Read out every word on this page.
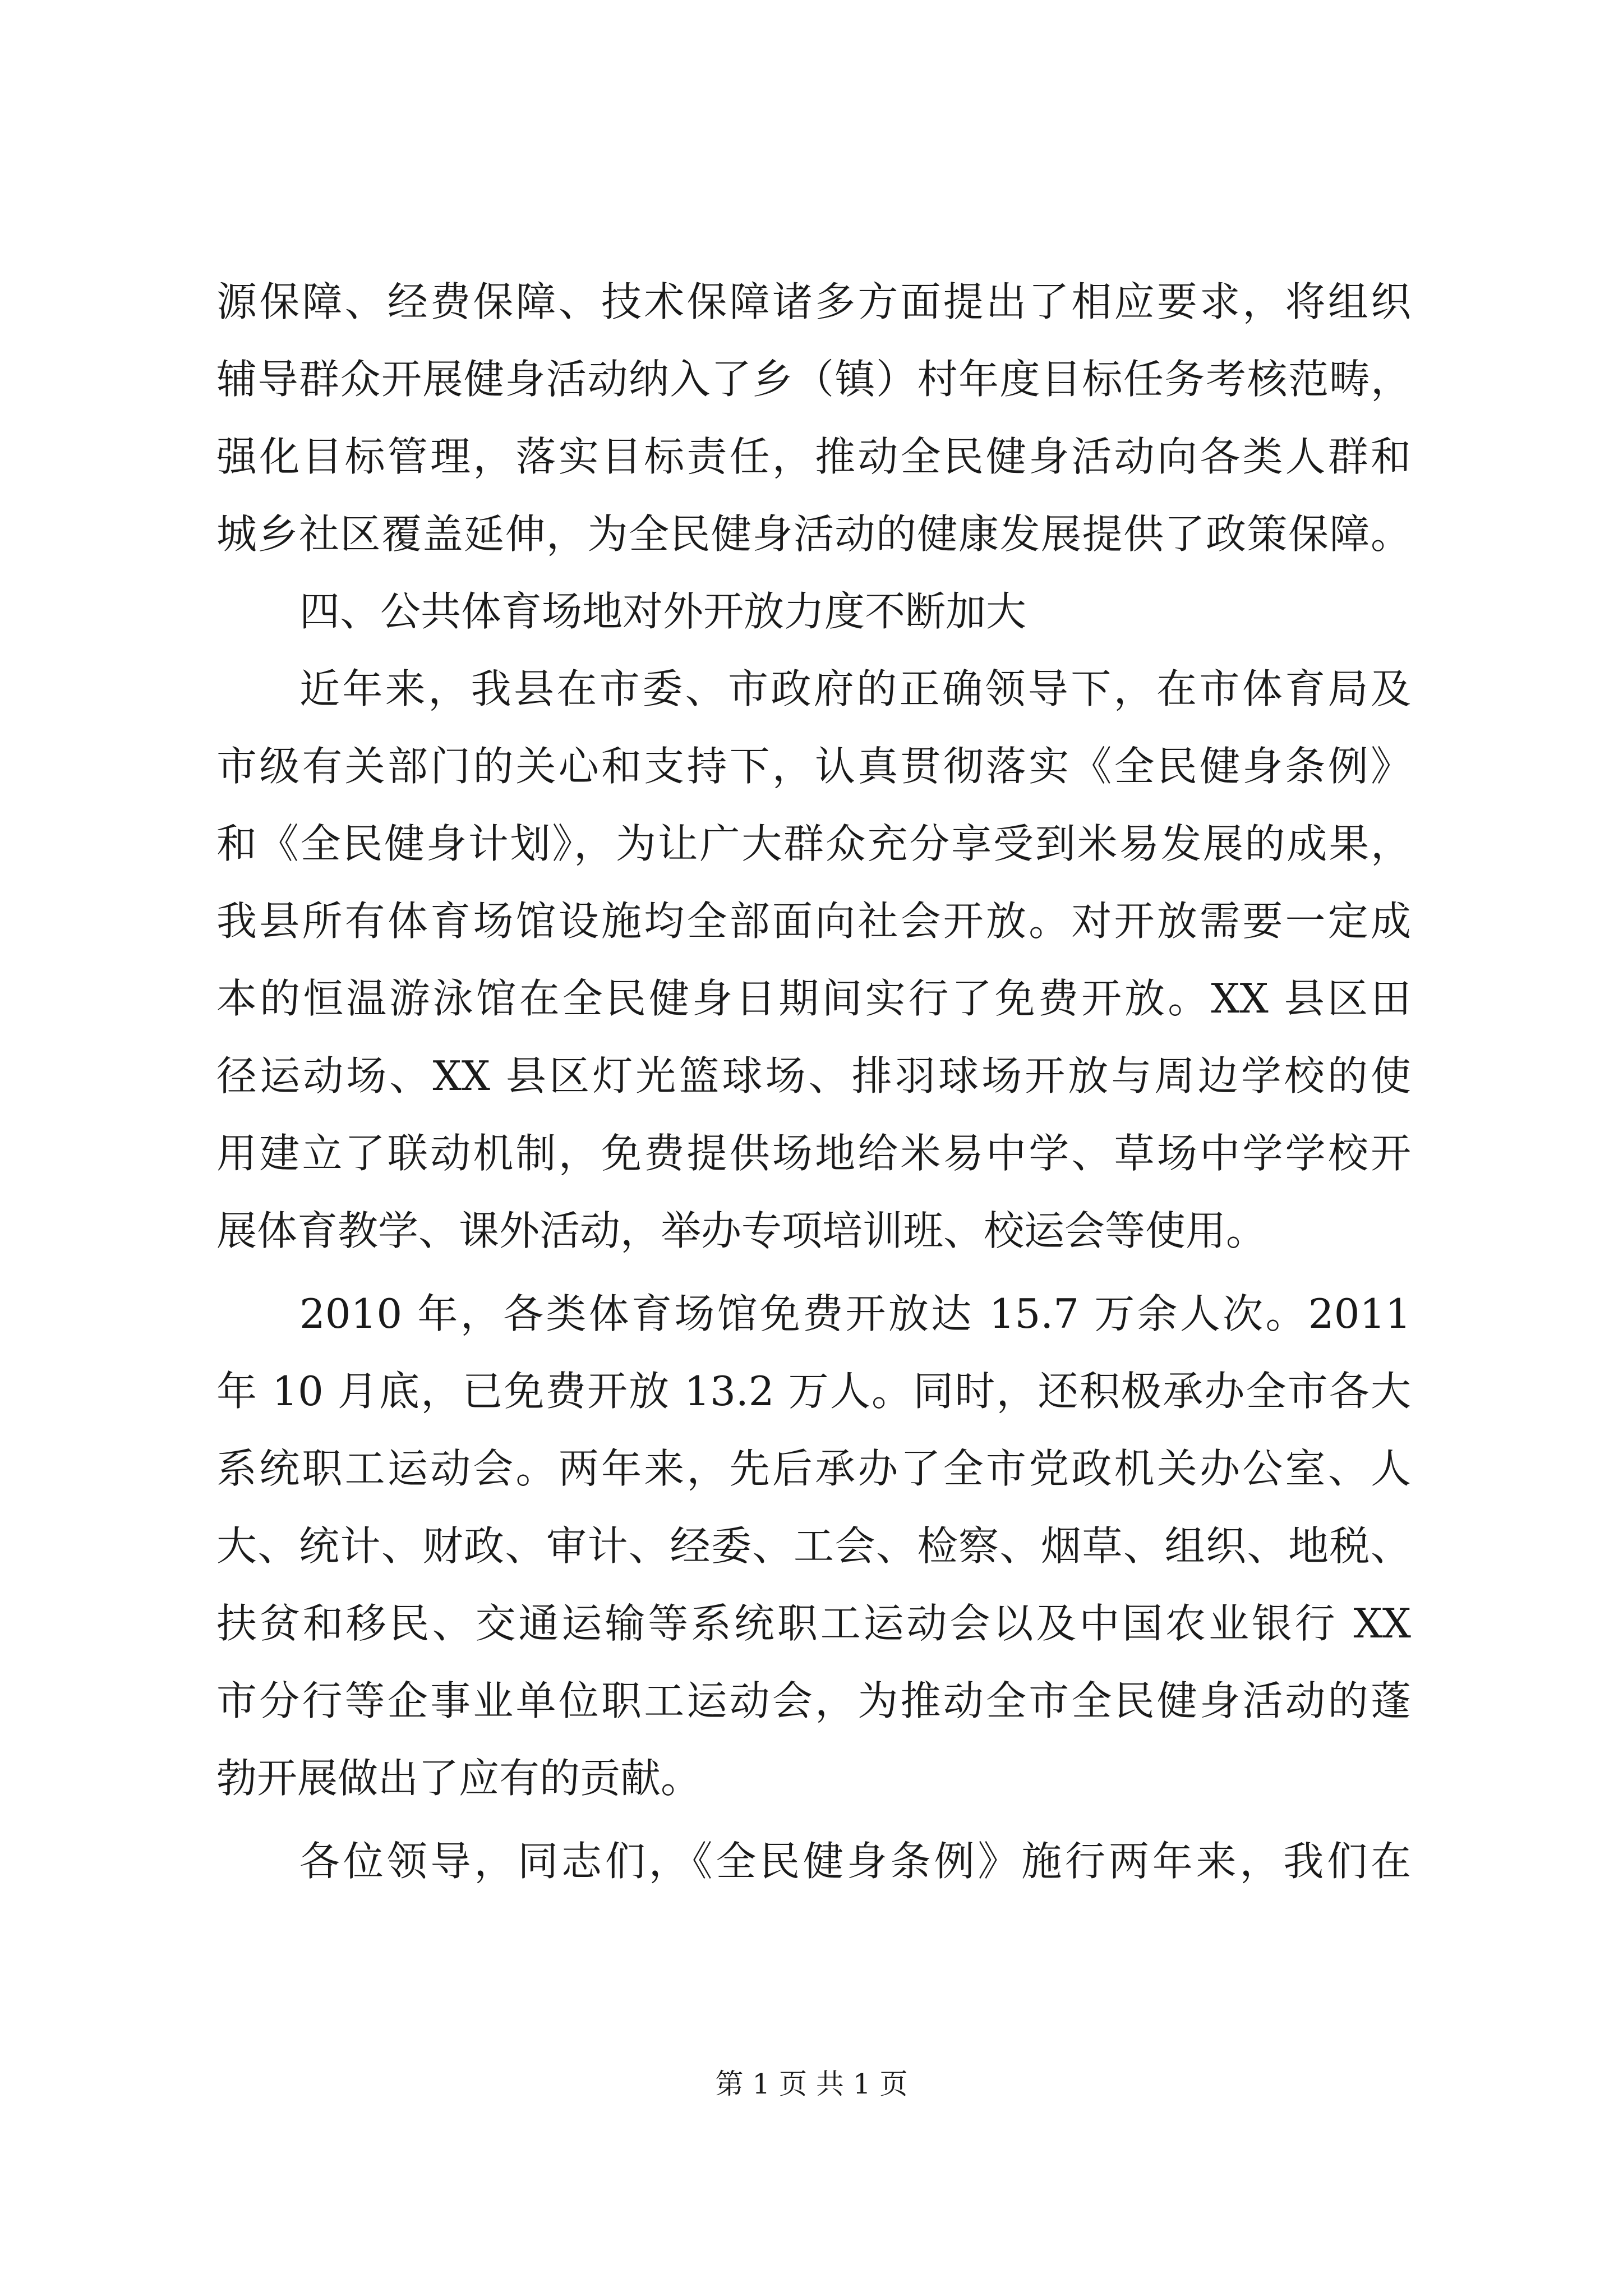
源保障、经费保障、技术保障诸多方面提出了相应要求，将组织
辅导群众开展健身活动纳入了乡（镇）村年度目标任务考核范畴，
强化目标管理，落实目标责任，推动全民健身活动向各类人群和
城乡社区覆盖延伸，为全民健身活动的健康发展提供了政策保障。
四、公共体育场地对外开放力度不断加大
近年来，我县在市委、市政府的正确领导下，在市体育局及
市级有关部门的关心和支持下，认真贯彻落实《全民健身条例》
和《全民健身计划》，为让广大群众充分享受到米易发展的成果，
我县所有体育场馆设施均全部面向社会开放。对开放需要一定成
本的恒温游泳馆在全民健身日期间实行了免费开放。XX 县区田
径运动场、XX 县区灯光篮球场、排羽球场开放与周边学校的使
用建立了联动机制，免费提供场地给米易中学、草场中学学校开
展体育教学、课外活动，举办专项培训班、校运会等使用。
2010 年，各类体育场馆免费开放达 15.7 万余人次。2011
年 10 月底，已免费开放 13.2 万人。同时，还积极承办全市各大
系统职工运动会。两年来，先后承办了全市党政机关办公室、人
大、统计、财政、审计、经委、工会、检察、烟草、组织、地税、
扶贫和移民、交通运输等系统职工运动会以及中国农业银行 XX
市分行等企事业单位职工运动会，为推动全市全民健身活动的蓬
勃开展做出了应有的贡献。
各位领导，同志们，《全民健身条例》施行两年来，我们在
第 1 页 共 1 页
